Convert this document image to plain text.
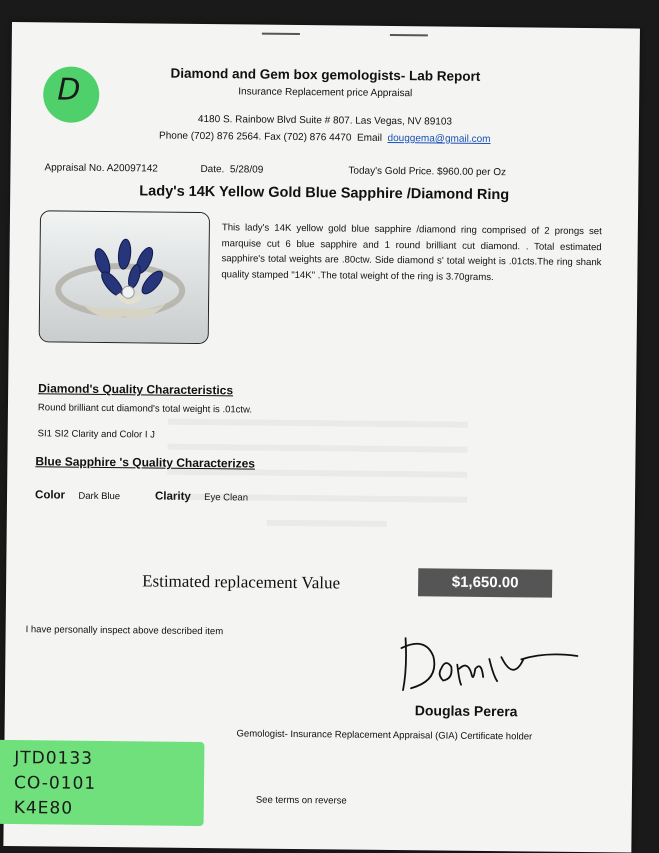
D	Diamond and Gem box gemologists- Lab Report
Insurance Replacement price Appraisal
4180 S. Rainbow Blvd Suite # 807. Las Vegas, NV 89103
Phone (702) 876 2564. Fax (702) 876 4470 Email douggema@gmail.com
Appraisal No. A20097142	Date. 5/28/09	Today's Gold Price. $960.00 per Oz
Lady's 14K Yellow Gold Blue Sapphire /Diamond Ring
This lady's 14K yellow gold blue sapphire /diamond ring comprised of 2 prongs set marquise cut 6 blue sapphire and 1 round brilliant cut diamond. . Total estimated sapphire's total weights are .80ctw. Side diamond s' total weight is .01cts.The ring shank quality stamped "14K" .The total weight of the ring is 3.70grams.
Diamond's Quality Characteristics
Round brilliant cut diamond's total weight is .01ctw.
SI1 SI2 Clarity and Color I J
Blue Sapphire 's Quality Characterizes
Color Dark Blue	Clarity Eye Clean
Estimated replacement Value	$1,650.00
I have personally inspect above described item
Douglas Perera
Gemologist- Insurance Replacement Appraisal (GIA) Certificate holder
See terms on reverse
JTD0133
CO-0101
K4E80
